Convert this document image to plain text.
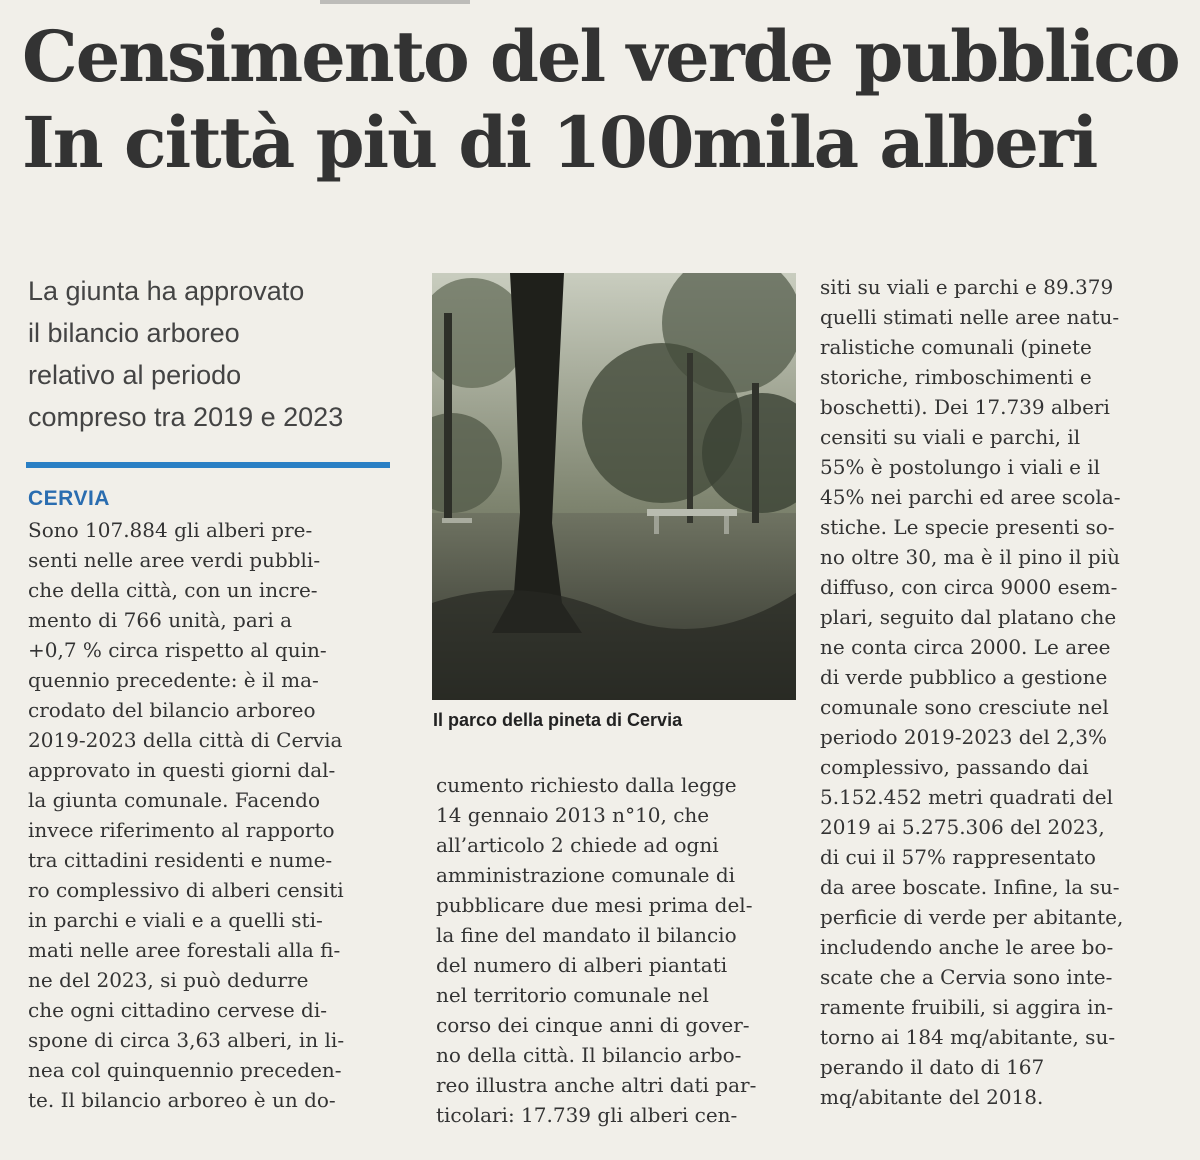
Censimento del verde pubblico
In città più di 100mila alberi
La giunta ha approvato
il bilancio arboreo
relativo al periodo
compreso tra 2019 e 2023
CERVIA
Sono 107.884 gli alberi pre-
senti nelle aree verdi pubbli-
che della città, con un incre-
mento di 766 unità, pari a
+0,7 % circa rispetto al quin-
quennio precedente: è il ma-
crodato del bilancio arboreo
2019-2023 della città di Cervia
approvato in questi giorni dal-
la giunta comunale. Facendo
invece riferimento al rapporto
tra cittadini residenti e nume-
ro complessivo di alberi censiti
in parchi e viali e a quelli sti-
mati nelle aree forestali alla fi-
ne del 2023, si può dedurre
che ogni cittadino cervese di-
spone di circa 3,63 alberi, in li-
nea col quinquennio preceden-
te. Il bilancio arboreo è un do-
Il parco della pineta di Cervia
cumento richiesto dalla legge
14 gennaio 2013 n°10, che
all’articolo 2 chiede ad ogni
amministrazione comunale di
pubblicare due mesi prima del-
la fine del mandato il bilancio
del numero di alberi piantati
nel territorio comunale nel
corso dei cinque anni di gover-
no della città. Il bilancio arbo-
reo illustra anche altri dati par-
ticolari: 17.739 gli alberi cen-
siti su viali e parchi e 89.379
quelli stimati nelle aree natu-
ralistiche comunali (pinete
storiche, rimboschimenti e
boschetti). Dei 17.739 alberi
censiti su viali e parchi, il
55% è postolungo i viali e il
45% nei parchi ed aree scola-
stiche. Le specie presenti so-
no oltre 30, ma è il pino il più
diffuso, con circa 9000 esem-
plari, seguito dal platano che
ne conta circa 2000. Le aree
di verde pubblico a gestione
comunale sono cresciute nel
periodo 2019-2023 del 2,3%
complessivo, passando dai
5.152.452 metri quadrati del
2019 ai 5.275.306 del 2023,
di cui il 57% rappresentato
da aree boscate. Infine, la su-
perficie di verde per abitante,
includendo anche le aree bo-
scate che a Cervia sono inte-
ramente fruibili, si aggira in-
torno ai 184 mq/abitante, su-
perando il dato di 167
mq/abitante del 2018.
